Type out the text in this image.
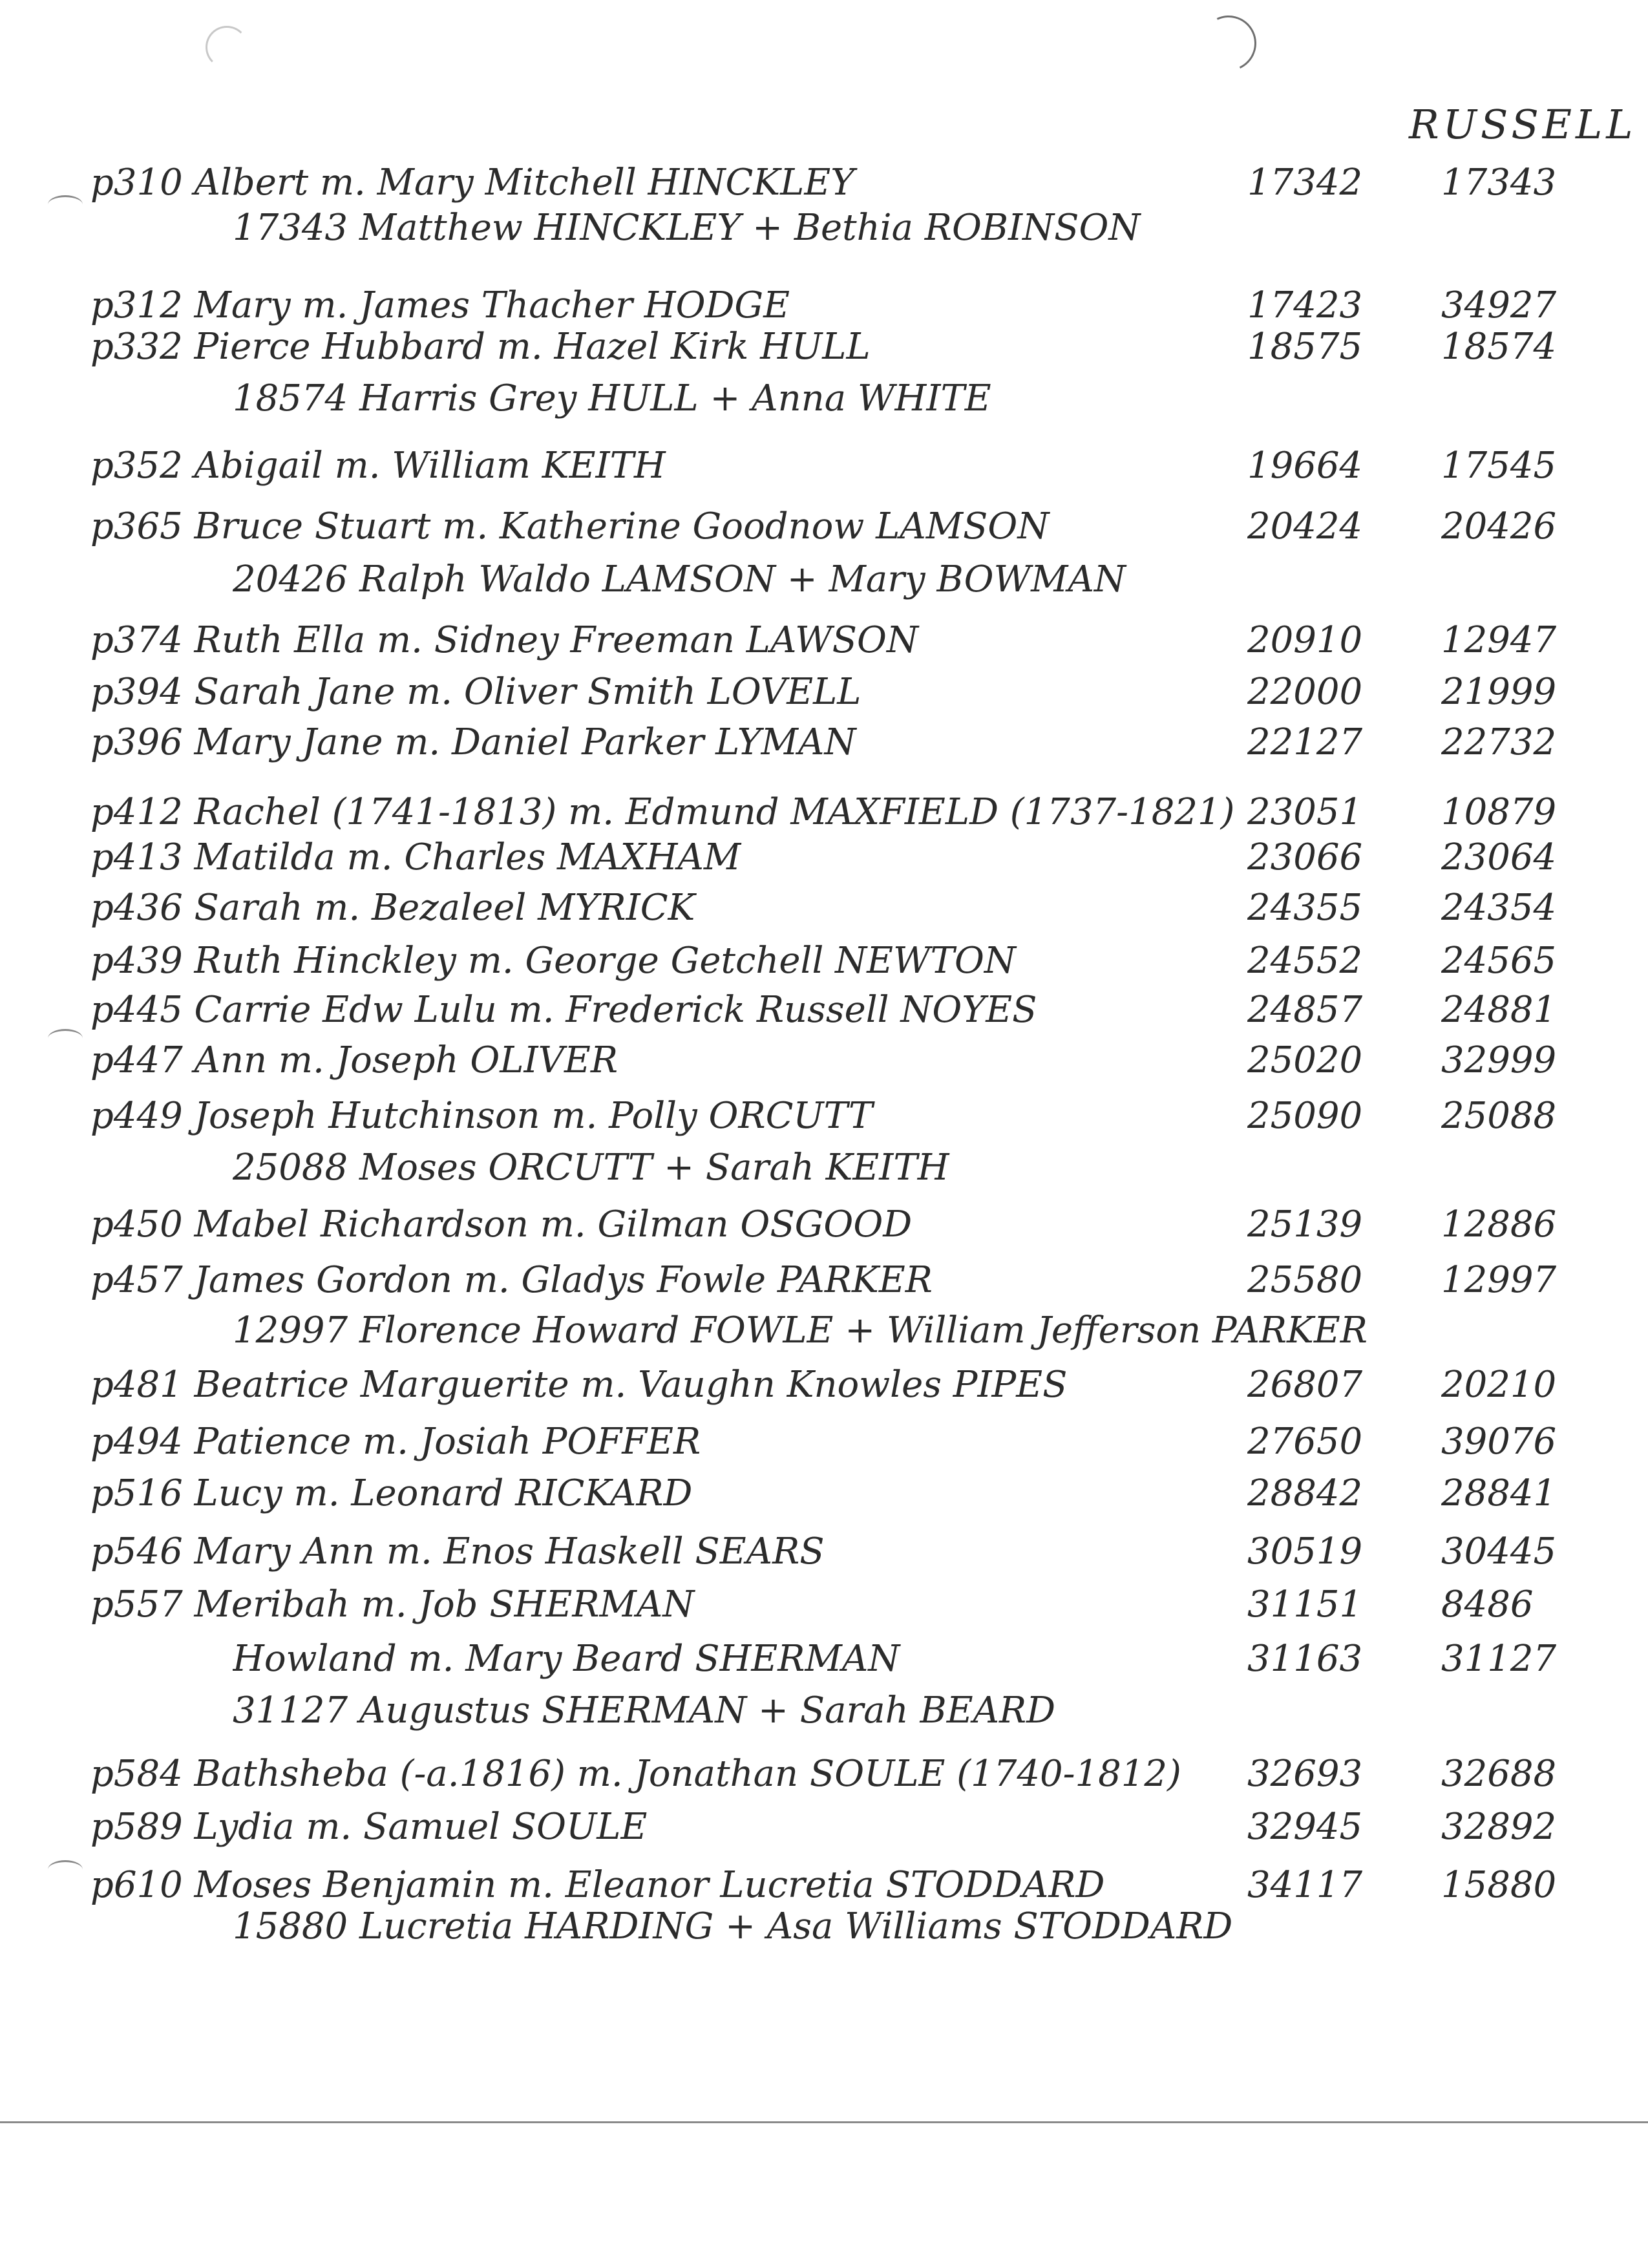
RUSSELL
p310 Albert m. Mary Mitchell HINCKLEY	17342	17343
17343 Matthew HINCKLEY + Bethia ROBINSON
p312 Mary m. James Thacher HODGE	17423	34927
p332 Pierce Hubbard m. Hazel Kirk HULL	18575	18574
18574 Harris Grey HULL + Anna WHITE
p352 Abigail m. William KEITH	19664	17545
p365 Bruce Stuart m. Katherine Goodnow LAMSON	20424	20426
20426 Ralph Waldo LAMSON + Mary BOWMAN
p374 Ruth Ella m. Sidney Freeman LAWSON	20910	12947
p394 Sarah Jane m. Oliver Smith LOVELL	22000	21999
p396 Mary Jane m. Daniel Parker LYMAN	22127	22732
p412 Rachel (1741-1813) m. Edmund MAXFIELD (1737-1821) 23051	10879
p413 Matilda m. Charles MAXHAM	23066	23064
p436 Sarah m. Bezaleel MYRICK	24355	24354
p439 Ruth Hinckley m. George Getchell NEWTON	24552	24565
p445 Carrie Edw Lulu m. Frederick Russell NOYES	24857	24881
p447 Ann m. Joseph OLIVER	25020	32999
p449 Joseph Hutchinson m. Polly ORCUTT	25090	25088
25088 Moses ORCUTT + Sarah KEITH
p450 Mabel Richardson m. Gilman OSGOOD	25139	12886
p457 James Gordon m. Gladys Fowle PARKER	25580	12997
12997 Florence Howard FOWLE + William Jefferson PARKER
p481 Beatrice Marguerite m. Vaughn Knowles PIPES	26807	20210
p494 Patience m. Josiah POFFER	27650	39076
p516 Lucy m. Leonard RICKARD	28842	28841
p546 Mary Ann m. Enos Haskell SEARS	30519	30445
p557 Meribah m. Job SHERMAN	31151	8486
Howland m. Mary Beard SHERMAN	31163	31127
31127 Augustus SHERMAN + Sarah BEARD
p584 Bathsheba (-a.1816) m. Jonathan SOULE (1740-1812)	32693	32688
p589 Lydia m. Samuel SOULE	32945	32892
p610 Moses Benjamin m. Eleanor Lucretia STODDARD	34117	15880
15880 Lucretia HARDING + Asa Williams STODDARD
